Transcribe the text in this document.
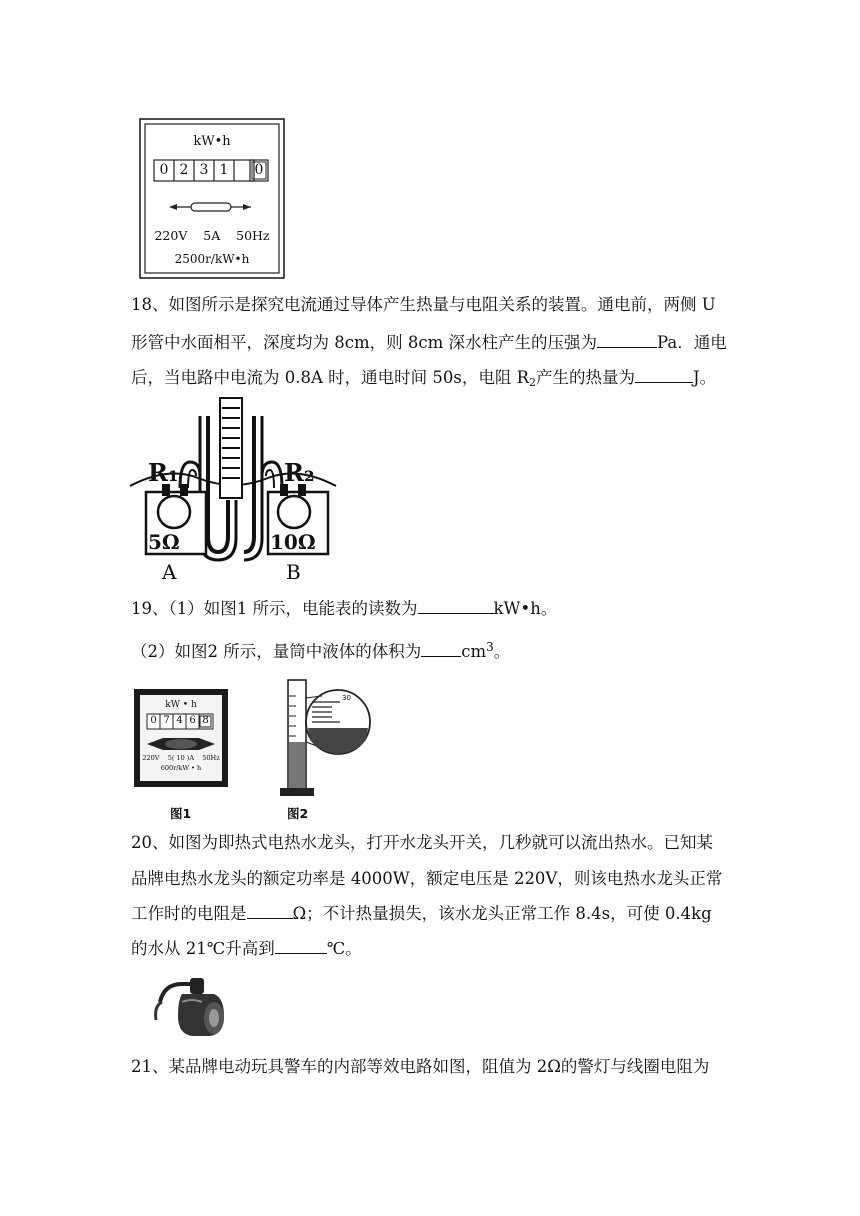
kW•h
0 2 3 1	0
220V    5A    50Hz
2500r/kW•h
18、如图所示是探究电流通过导体产生热量与电阻关系的装置。通电前，两侧 U
形管中水面相平，深度均为 8cm，则 8cm 深水柱产生的压强为	Pa．通电
后，当电路中电流为 0.8A 时，通电时间 50s，电阻 $R_2$产生的热量为	J。
R₁	R₂
5Ω	10Ω
A	B
19、（1）如图1 所示，电能表的读数为	kW•h。
（2）如图2 所示，量筒中液体的体积为 $cm^3$。
kW • h
0 7 4 6 8
220V    5( 10 )A    50Hz
600r/kW • h
图1
30
图2
20、如图为即热式电热水龙头，打开水龙头开关，几秒就可以流出热水。已知某
品牌电热水龙头的额定功率是 4000W，额定电压是 220V，则该电热水龙头正常
工作时的电阻是	Ω；不计热量损失，该水龙头正常工作 8.4s，可使 0.4kg
的水从 21℃升高到	℃。
21、某品牌电动玩具警车的内部等效电路如图，阻值为 2Ω的警灯与线圈电阻为
